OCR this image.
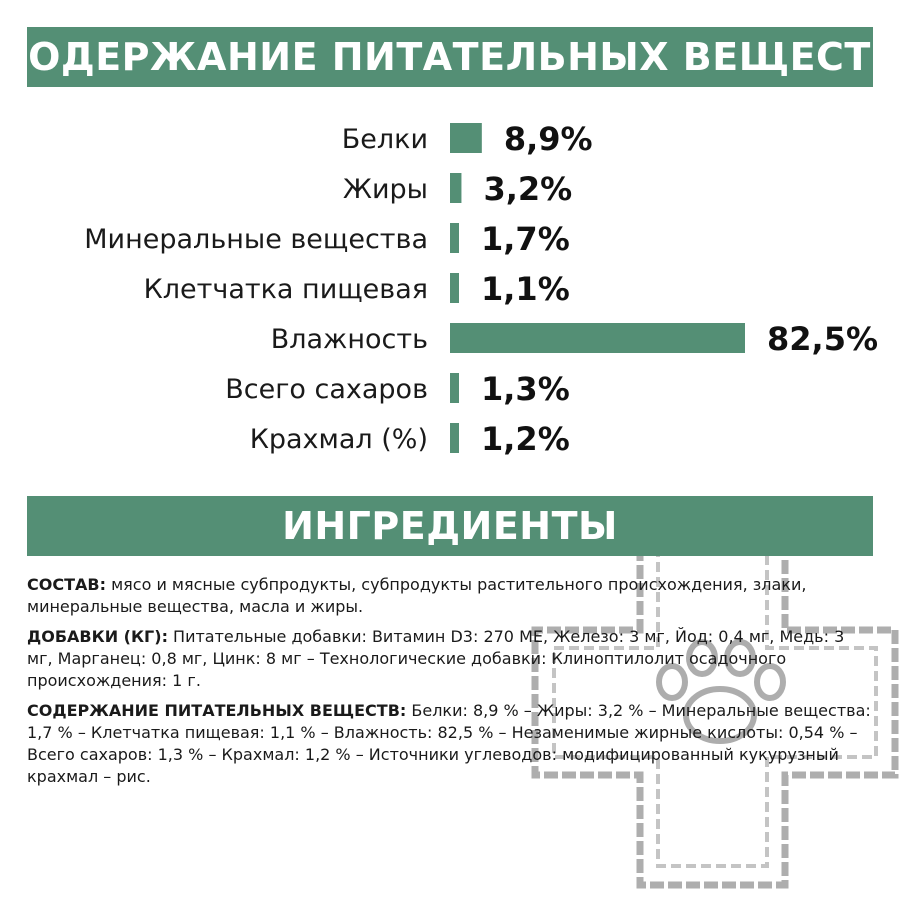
СОДЕРЖАНИЕ ПИТАТЕЛЬНЫХ ВЕЩЕСТВ
Белки 8,9%
Жиры 3,2%
Минеральные вещества 1,7%
Клетчатка пищевая 1,1%
Влажность	82,5%
Всего сахаров 1,3%
Крахмал (%) 1,2%
ИНГРЕДИЕНТЫ

СОСТАВ: мясо и мясные субпродукты, субпродукты растительного происхождения, злаки, минеральные вещества, масла и жиры.

ДОБАВКИ (КГ): Питательные добавки: Витамин D3: 270 МЕ, Железо: 3 мг, Йод: 0,4 мг, Медь: 3 мг, Марганец: 0,8 мг, Цинк: 8 мг – Технологические добавки: Клиноптилолит осадочного происхождения: 1 г.

СОДЕРЖАНИЕ ПИТАТЕЛЬНЫХ ВЕЩЕСТВ: Белки: 8,9 % – Жиры: 3,2 % – Минеральные вещества: 1,7 % – Клетчатка пищевая: 1,1 % – Влажность: 82,5 % – Незаменимые жирные кислоты: 0,54 % – Всего сахаров: 1,3 % – Крахмал: 1,2 % – Источники углеводов: модифицированный кукурузный крахмал – рис.
